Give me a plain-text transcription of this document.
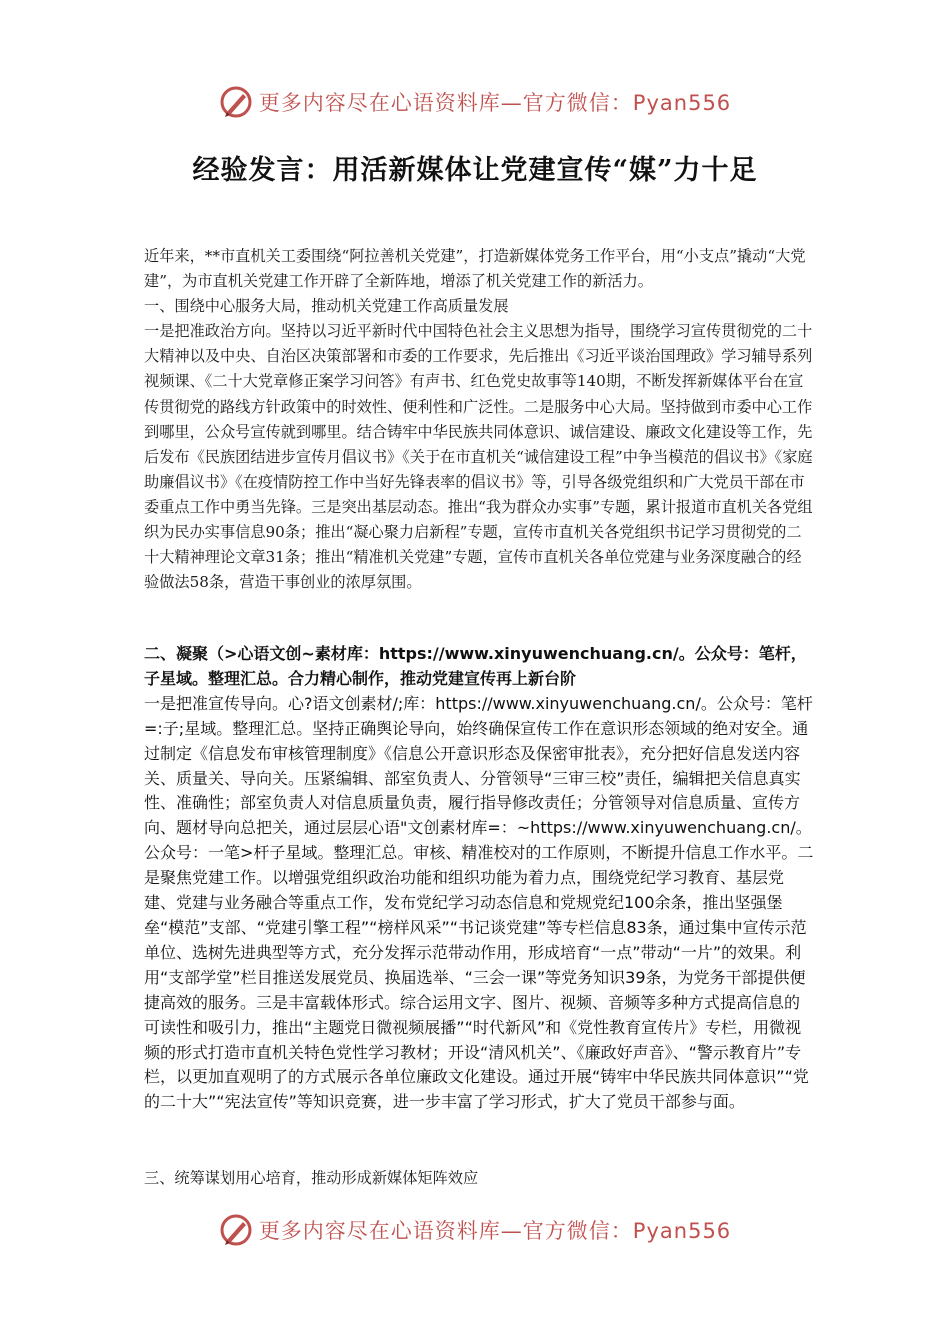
更多内容尽在心语资料库—官方微信：Pyan556
经验发言：用活新媒体让党建宣传“媒”力十足

近年来，**市直机关工委围绕“阿拉善机关党建”，打造新媒体党务工作平台，用“小支点”撬动“大党建”，为市直机关党建工作开辟了全新阵地，增添了机关党建工作的新活力。

一、围绕中心服务大局，推动机关党建工作高质量发展

一是把准政治方向。坚持以习近平新时代中国特色社会主义思想为指导，围绕学习宣传贯彻党的二十大精神以及中央、自治区决策部署和市委的工作要求，先后推出《习近平谈治国理政》学习辅导系列视频课、《二十大党章修正案学习问答》有声书、红色党史故事等140期，不断发挥新媒体平台在宣传贯彻党的路线方针政策中的时效性、便利性和广泛性。二是服务中心大局。坚持做到市委中心工作到哪里，公众号宣传就到哪里。结合铸牢中华民族共同体意识、诚信建设、廉政文化建设等工作，先后发布《民族团结进步宣传月倡议书》《关于在市直机关“诚信建设工程”中争当模范的倡议书》《家庭助廉倡议书》《在疫情防控工作中当好先锋表率的倡议书》等，引导各级党组织和广大党员干部在市委重点工作中勇当先锋。三是突出基层动态。推出“我为群众办实事”专题，累计报道市直机关各党组织为民办实事信息90条；推出“凝心聚力启新程”专题，宣传市直机关各党组织书记学习贯彻党的二十大精神理论文章31条；推出“精准机关党建”专题，宣传市直机关各单位党建与业务深度融合的经验做法58条，营造干事创业的浓厚氛围。

二、凝聚（>心语文创~素材库：https://www.xinyuwenchuang.cn/。公众号：笔杆，子星域。整理汇总。合力精心制作，推动党建宣传再上新台阶

一是把准宣传导向。心?语文创素材/;库：https://www.xinyuwenchuang.cn/。公众号：笔杆=:子;星域。整理汇总。坚持正确舆论导向，始终确保宣传工作在意识形态领域的绝对安全。通过制定《信息发布审核管理制度》《信息公开意识形态及保密审批表》，充分把好信息发送内容关、质量关、导向关。压紧编辑、部室负责人、分管领导“三审三校”责任，编辑把关信息真实性、准确性；部室负责人对信息质量负责，履行指导修改责任；分管领导对信息质量、宣传方向、题材导向总把关，通过层层心语"文创素材库=：~https://www.xinyuwenchuang.cn/。公众号：一笔>杆子星域。整理汇总。审核、精准校对的工作原则，不断提升信息工作水平。二是聚焦党建工作。以增强党组织政治功能和组织功能为着力点，围绕党纪学习教育、基层党建、党建与业务融合等重点工作，发布党纪学习动态信息和党规党纪100余条，推出坚强堡垒“模范”支部、“党建引擎工程”“榜样风采”“书记谈党建”等专栏信息83条，通过集中宣传示范单位、选树先进典型等方式，充分发挥示范带动作用，形成培育“一点”带动“一片”的效果。利用“支部学堂”栏目推送发展党员、换届选举、“三会一课”等党务知识39条，为党务干部提供便捷高效的服务。三是丰富载体形式。综合运用文字、图片、视频、音频等多种方式提高信息的可读性和吸引力，推出“主题党日微视频展播”“时代新风”和《党性教育宣传片》专栏，用微视频的形式打造市直机关特色党性学习教材；开设“清风机关”、《廉政好声音》、“警示教育片”专栏，以更加直观明了的方式展示各单位廉政文化建设。通过开展“铸牢中华民族共同体意识”“党的二十大”“宪法宣传”等知识竞赛，进一步丰富了学习形式，扩大了党员干部参与面。

三、统筹谋划用心培育，推动形成新媒体矩阵效应

更多内容尽在心语资料库—官方微信：Pyan556
